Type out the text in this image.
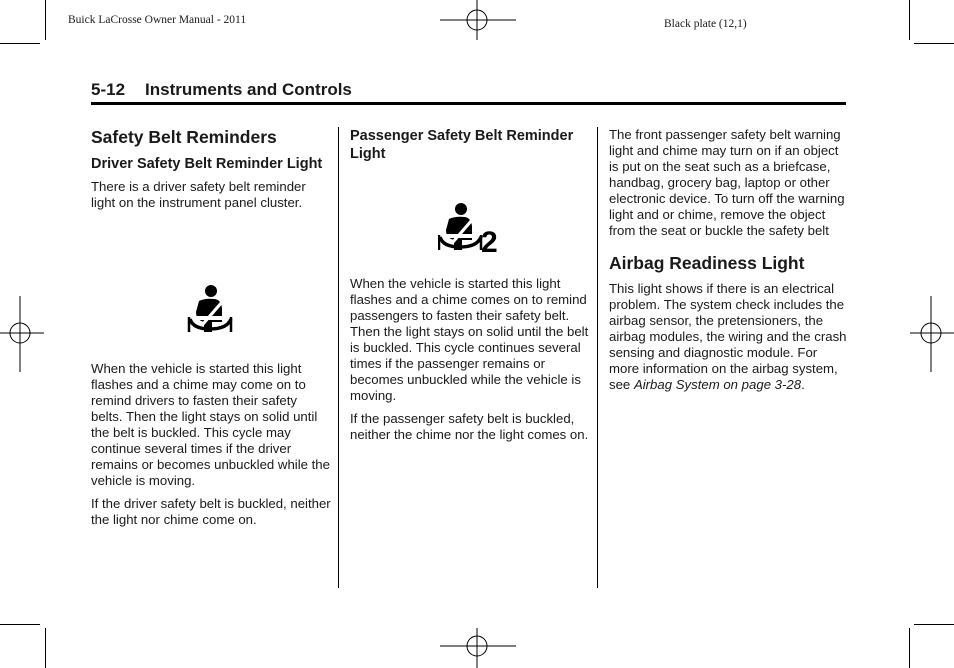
Buick LaCrosse Owner Manual - 2011	Black plate (12,1)
5-12 Instruments and Controls
Safety Belt Reminders
Driver Safety Belt Reminder Light

There is a driver safety belt reminder light on the instrument panel cluster.

When the vehicle is started this light flashes and a chime may come on to remind drivers to fasten their safety belts. Then the light stays on solid until the belt is buckled. This cycle may continue several times if the driver remains or becomes unbuckled while the vehicle is moving.

If the driver safety belt is buckled, neither the light nor chime come on.

Passenger Safety Belt Reminder Light
2

When the vehicle is started this light flashes and a chime comes on to remind passengers to fasten their safety belt. Then the light stays on solid until the belt is buckled. This cycle continues several times if the passenger remains or becomes unbuckled while the vehicle is moving.

If the passenger safety belt is buckled, neither the chime nor the light comes on.

The front passenger safety belt warning light and chime may turn on if an object is put on the seat such as a briefcase, handbag, grocery bag, laptop or other electronic device. To turn off the warning light and or chime, remove the object from the seat or buckle the safety belt

Airbag Readiness Light

This light shows if there is an electrical problem. The system check includes the airbag sensor, the pretensioners, the airbag modules, the wiring and the crash sensing and diagnostic module. For more information on the airbag system, see Airbag System on page 3-28.
